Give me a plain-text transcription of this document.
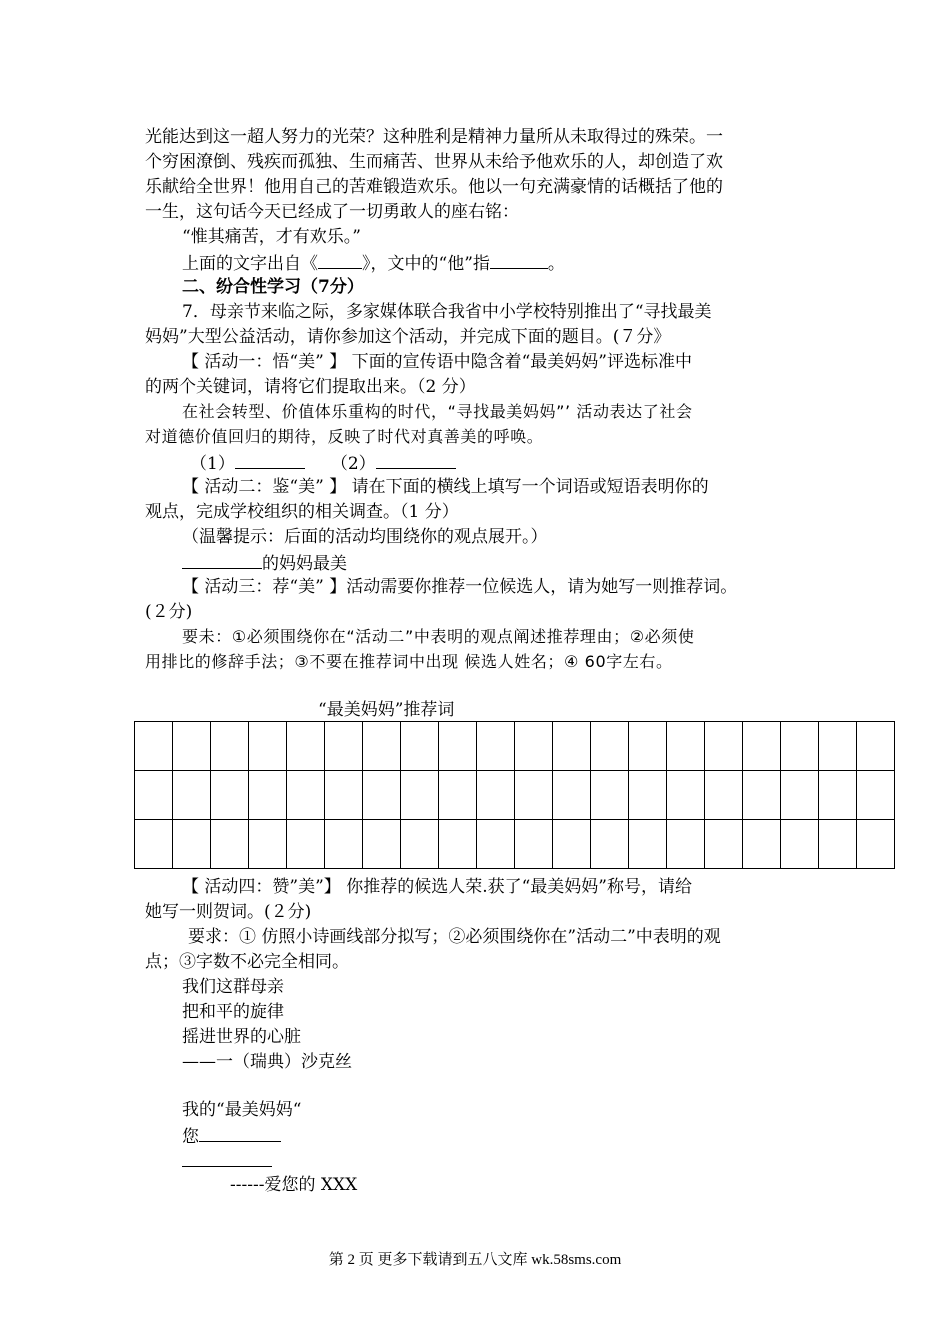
光能达到这一超人努力的光荣？这种胜利是精神力量所从未取得过的殊荣。一
个穷困潦倒、残疾而孤独、生而痛苦、世界从未给予他欢乐的人，却创造了欢
乐献给全世界！他用自己的苦难锻造欢乐。他以一句充满豪情的话概括了他的
一生，这句话今天已经成了一切勇敢人的座右铭：
“惟其痛苦，才有欢乐。”
上面的文字出自《	》，文中的“他”指	。
二、纷合性学习（7分）
7．母亲节来临之际，多家媒体联合我省中小学校特别推出了“寻找最美
妈妈”大型公益活动，请你参加这个活动，并完成下面的题目。(７分》
【 活动一：悟“美” 】 下面的宣传语中隐含着“最美妈妈”评选标准中
的两个关键词，请将它们提取出来。（2 分）
在社会转型、价值体乐重构的时代，“寻找最美妈妈”’ 活动表达了社会
对道德价值回归的期待，反映了时代对真善美的呼唤。
（1）	（2）
【 活动二：鉴“美” 】 请在下面的横线上填写一个词语或短语表明你的
观点，完成学校组织的相关调查。（1 分）
（温馨提示：后面的活动均围绕你的观点展开。）
的妈妈最美
【 活动三：荐“美” 】活动需要你推荐一位候选人，请为她写一则推荐词。
(２分)
要未：①必须围绕你在“活动二”中表明的观点阐述推荐理由；②必须使
用排比的修辞手法；③不要在推荐词中出现 候选人姓名；④ 60字左右。
“最美妈妈”推荐词

【 活动四：赞”美”】 你推荐的候选人荣.获了“最美妈妈”称号，请给
她写一则贺词。(２分)
要求：① 仿照小诗画线部分拟写；②必须围绕你在”活动二”中表明的观
点；③字数不必完全相同。
我们这群母亲
把和平的旋律
摇进世界的心脏
——一（瑞典）沙克丝
我的“最美妈妈“
您
------爱您的 XXX
第 2 页 更多下载请到五八文库 wk.58sms.com
